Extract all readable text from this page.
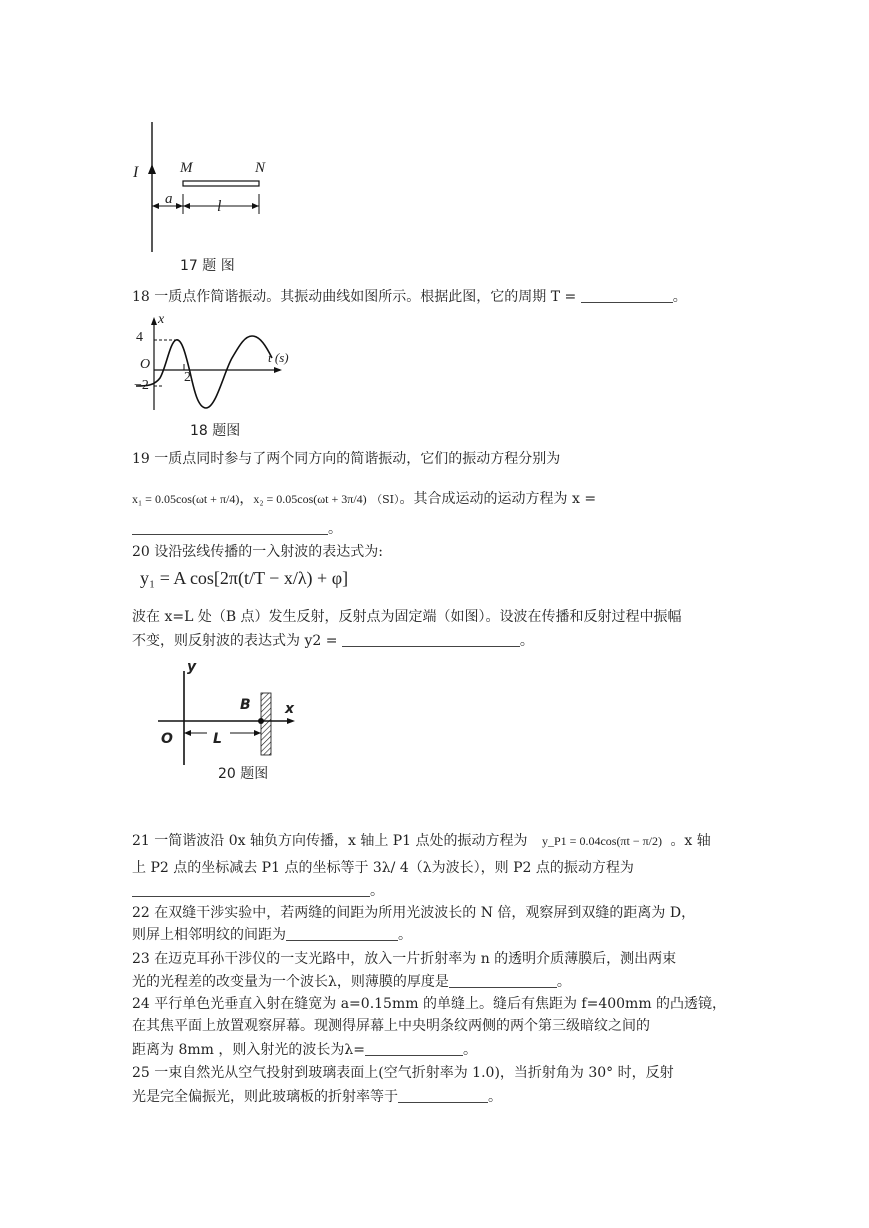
I	M	N
a	l
17 题 图
18 一质点作简谐振动。其振动曲线如图所示。根据此图，它的周期 T =	。
x
t (s)
O
4
−2
2
18 题图
19 一质点同时参与了两个同方向的简谐振动，它们的振动方程分别为
x₁ = 0.05cos(ωt + π/4)，x₂ = 0.05cos(ωt + 3π/4) （SI）。其合成运动的运动方程为 x =
。
20 设沿弦线传播的一入射波的表达式为:
y₁ = A cos[2π(t/T − x/λ) + φ]
波在 x=L 处（B 点）发生反射，反射点为固定端（如图）。设波在传播和反射过程中振幅
不变，则反射波的表达式为 y2 =	。
y
x
O
B
L
20 题图
21 一简谐波沿 0x 轴负方向传播，x 轴上 P1 点处的振动方程为 y_P1 = 0.04cos(πt − π/2) 。x 轴
上 P2 点的坐标减去 P1 点的坐标等于 3λ/ 4（λ为波长），则 P2 点的振动方程为
。
22 在双缝干涉实验中，若两缝的间距为所用光波波长的 N 倍，观察屏到双缝的距离为 D，
则屏上相邻明纹的间距为	。
23 在迈克耳孙干涉仪的一支光路中，放入一片折射率为 n 的透明介质薄膜后，测出两束
光的光程差的改变量为一个波长λ，则薄膜的厚度是	。
24 平行单色光垂直入射在缝宽为 a=0.15mm 的单缝上。缝后有焦距为 f=400mm 的凸透镜，
在其焦平面上放置观察屏幕。现测得屏幕上中央明条纹两侧的两个第三级暗纹之间的
距离为 8mm ，则入射光的波长为λ=	。
25 一束自然光从空气投射到玻璃表面上(空气折射率为 1.0)，当折射角为 30° 时，反射
光是完全偏振光，则此玻璃板的折射率等于	。
